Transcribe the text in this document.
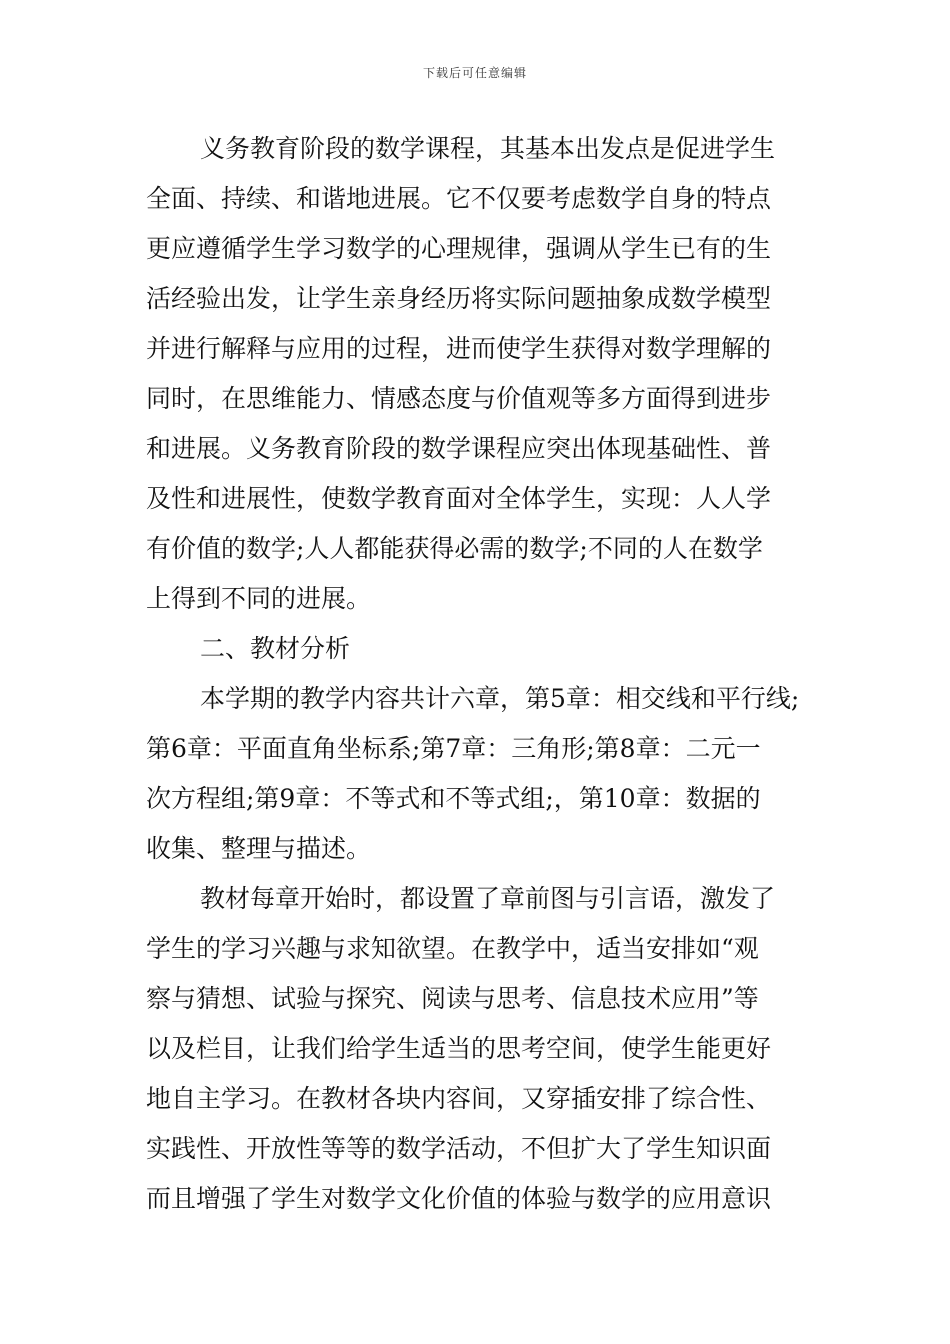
下载后可任意编辑
义务教育阶段的数学课程，其基本出发点是促进学生
全面、持续、和谐地进展。它不仅要考虑数学自身的特点
更应遵循学生学习数学的心理规律，强调从学生已有的生
活经验出发，让学生亲身经历将实际问题抽象成数学模型
并进行解释与应用的过程，进而使学生获得对数学理解的
同时，在思维能力、情感态度与价值观等多方面得到进步
和进展。义务教育阶段的数学课程应突出体现基础性、普
及性和进展性，使数学教育面对全体学生，实现：人人学
有价值的数学;人人都能获得必需的数学;不同的人在数学
上得到不同的进展。
二、教材分析
本学期的教学内容共计六章，第5章：相交线和平行线;
第6章：平面直角坐标系;第7章：三角形;第8章：二元一
次方程组;第9章：不等式和不等式组;，第10章：数据的
收集、整理与描述。
教材每章开始时，都设置了章前图与引言语，激发了
学生的学习兴趣与求知欲望。在教学中，适当安排如“观
察与猜想、试验与探究、阅读与思考、信息技术应用”等
以及栏目，让我们给学生适当的思考空间，使学生能更好
地自主学习。在教材各块内容间，又穿插安排了综合性、
实践性、开放性等等的数学活动，不但扩大了学生知识面
而且增强了学生对数学文化价值的体验与数学的应用意识
